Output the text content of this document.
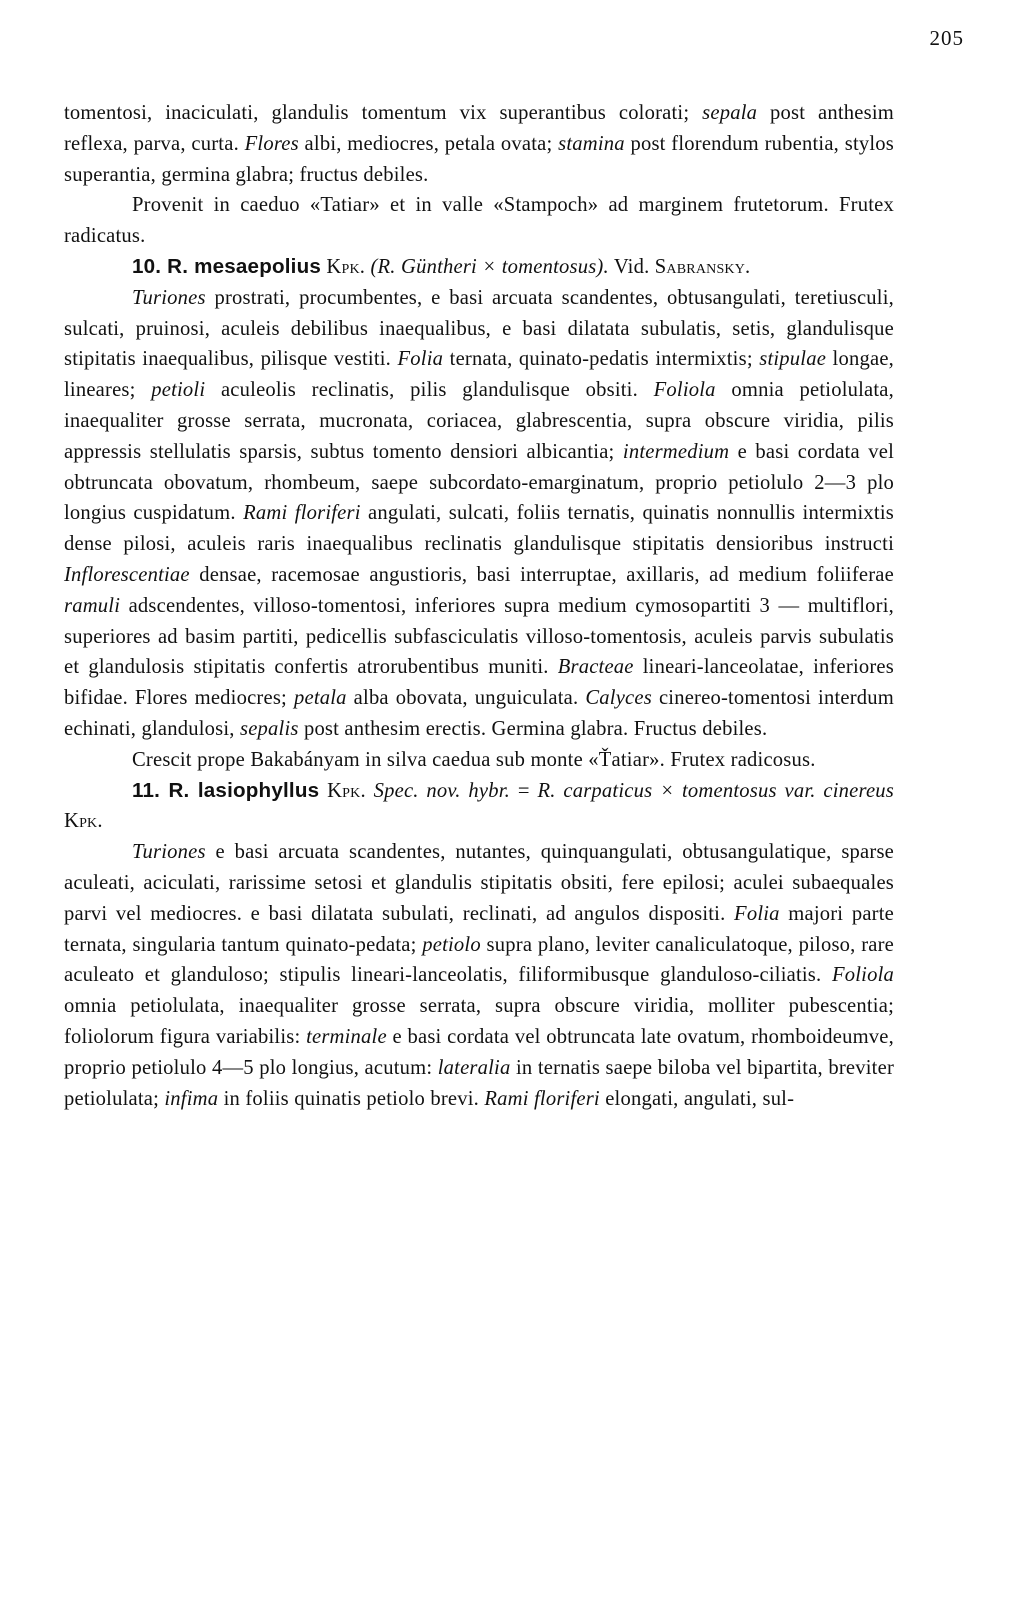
205

tomentosi, inaciculati, glandulis tomentum vix superantibus colorati; sepala post anthesim reflexa, parva, curta. Flores albi, mediocres, petala ovata; stamina post florendum rubentia, stylos superantia, germina glabra; fructus debiles.

Provenit in caeduo «Tatiar» et in valle «Stampoch» ad marginem frutetorum. Frutex radicatus.

10. R. mesaepolius Kpk. (R. Güntheri × tomentosus). Vid. Sabransky.

Turiones prostrati, procumbentes, e basi arcuata scandentes, obtusangulati, teretiusculi, sulcati, pruinosi, aculeis debilibus inaequalibus, e basi dilatata subulatis, setis, glandulisque stipitatis inaequalibus, pilisque vestiti. Folia ternata, quinato-pedatis intermixtis; stipulae longae, lineares; petioli aculeolis reclinatis, pilis glandulisque obsiti. Foliola omnia petiolulata, inaequaliter grosse serrata, mucronata, coriacea, glabrescentia, supra obscure viridia, pilis appressis stellulatis sparsis, subtus tomento densiori albicantia; intermedium e basi cordata vel obtruncata obovatum, rhombeum, saepe subcordato-emarginatum, proprio petiolulo 2—3 plo longius cuspidatum. Rami floriferi angulati, sulcati, foliis ternatis, quinatis nonnullis intermixtis dense pilosi, aculeis raris inaequalibus reclinatis glandulisque stipitatis densioribus instructi Inflorescentiae densae, racemosae angustioris, basi interruptae, axillaris, ad medium foliiferae ramuli adscendentes, villoso-tomentosi, inferiores supra medium cymosopartiti 3 — multiflori, superiores ad basim partiti, pedicellis subfasciculatis villoso-tomentosis, aculeis parvis subulatis et glandulosis stipitatis confertis atrorubentibus muniti. Bracteae lineari-lanceolatae, inferiores bifidae. Flores mediocres; petala alba obovata, unguiculata. Calyces cinereo-tomentosi interdum echinati, glandulosi, sepalis post anthesim erectis. Germina glabra. Fructus debiles.

Crescit prope Bakabányam in silva caedua sub monte «Ťatiar». Frutex radicosus.

11. R. lasiophyllus Kpk. Spec. nov. hybr. = R. carpaticus × tomentosus var. cinereus Kpk.

Turiones e basi arcuata scandentes, nutantes, quinquangulati, obtusangulatique, sparse aculeati, aciculati, rarissime setosi et glandulis stipitatis obsiti, fere epilosi; aculei subaequales parvi vel mediocres. e basi dilatata subulati, reclinati, ad angulos dispositi. Folia majori parte ternata, singularia tantum quinato-pedata; petiolo supra plano, leviter canaliculatoque, piloso, rare aculeato et glanduloso; stipulis lineari-lanceolatis, filiformibusque glanduloso-ciliatis. Foliola omnia petiolulata, inaequaliter grosse serrata, supra obscure viridia, molliter pubescentia; foliolorum figura variabilis: terminale e basi cordata vel obtruncata late ovatum, rhomboideumve, proprio petiolulo 4—5 plo longius, acutum: lateralia in ternatis saepe biloba vel bipartita, breviter petiolulata; infima in foliis quinatis petiolo brevi. Rami floriferi elongati, angulati, sul-
